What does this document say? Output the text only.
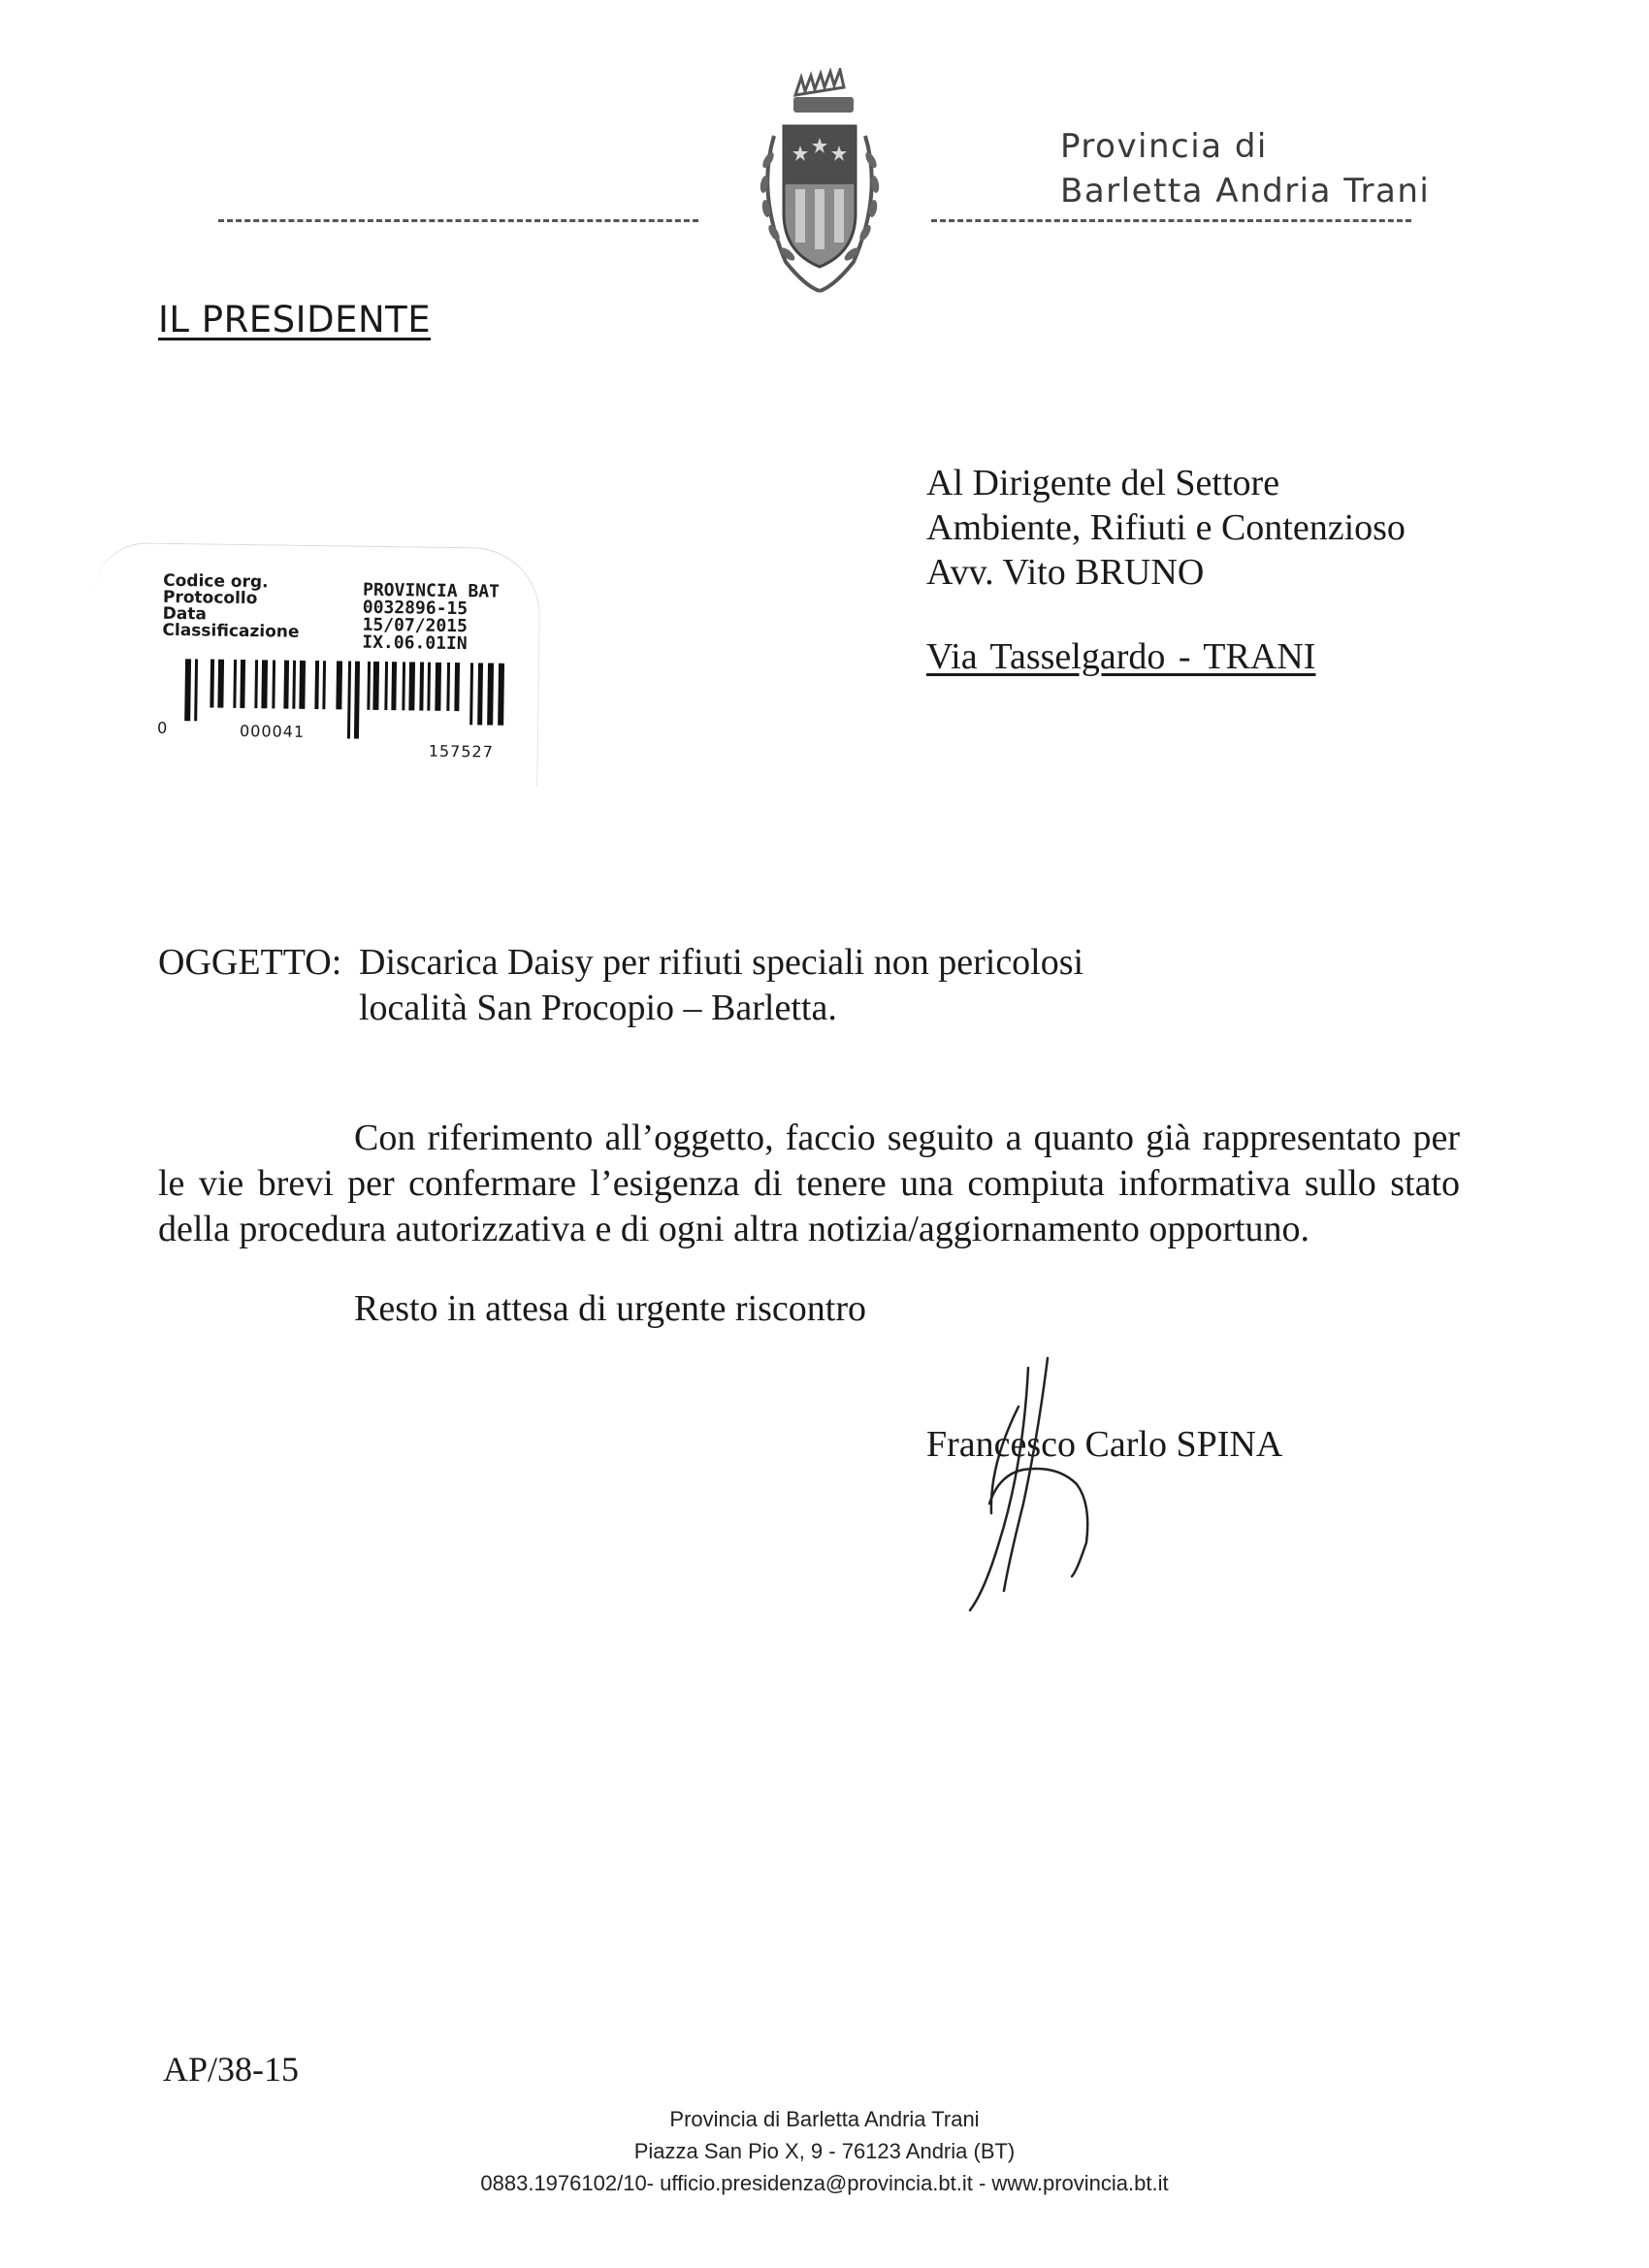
Provincia di
Barletta Andria Trani
IL PRESIDENTE
Al Dirigente del Settore
Ambiente, Rifiuti e Contenzioso
Avv. Vito BRUNO
Via Tasselgardo - TRANI
Codice org.
Protocollo
Data
Classificazione
PROVINCIA BAT
0032896-15
15/07/2015
IX.06.01IN
0	000041
157527
OGGETTO: Discarica Daisy per rifiuti speciali non pericolosi
località San Procopio – Barletta.
Con riferimento all’oggetto, faccio seguito a quanto già rappresentato per le vie brevi per confermare l’esigenza di tenere una compiuta informativa sullo stato della procedura autorizzativa e di ogni altra notizia/aggiornamento opportuno.
Resto in attesa di urgente riscontro
Francesco Carlo SPINA
AP/38-15
Provincia di Barletta Andria Trani
Piazza San Pio X, 9 - 76123 Andria (BT)
0883.1976102/10- ufficio.presidenza@provincia.bt.it - www.provincia.bt.it
